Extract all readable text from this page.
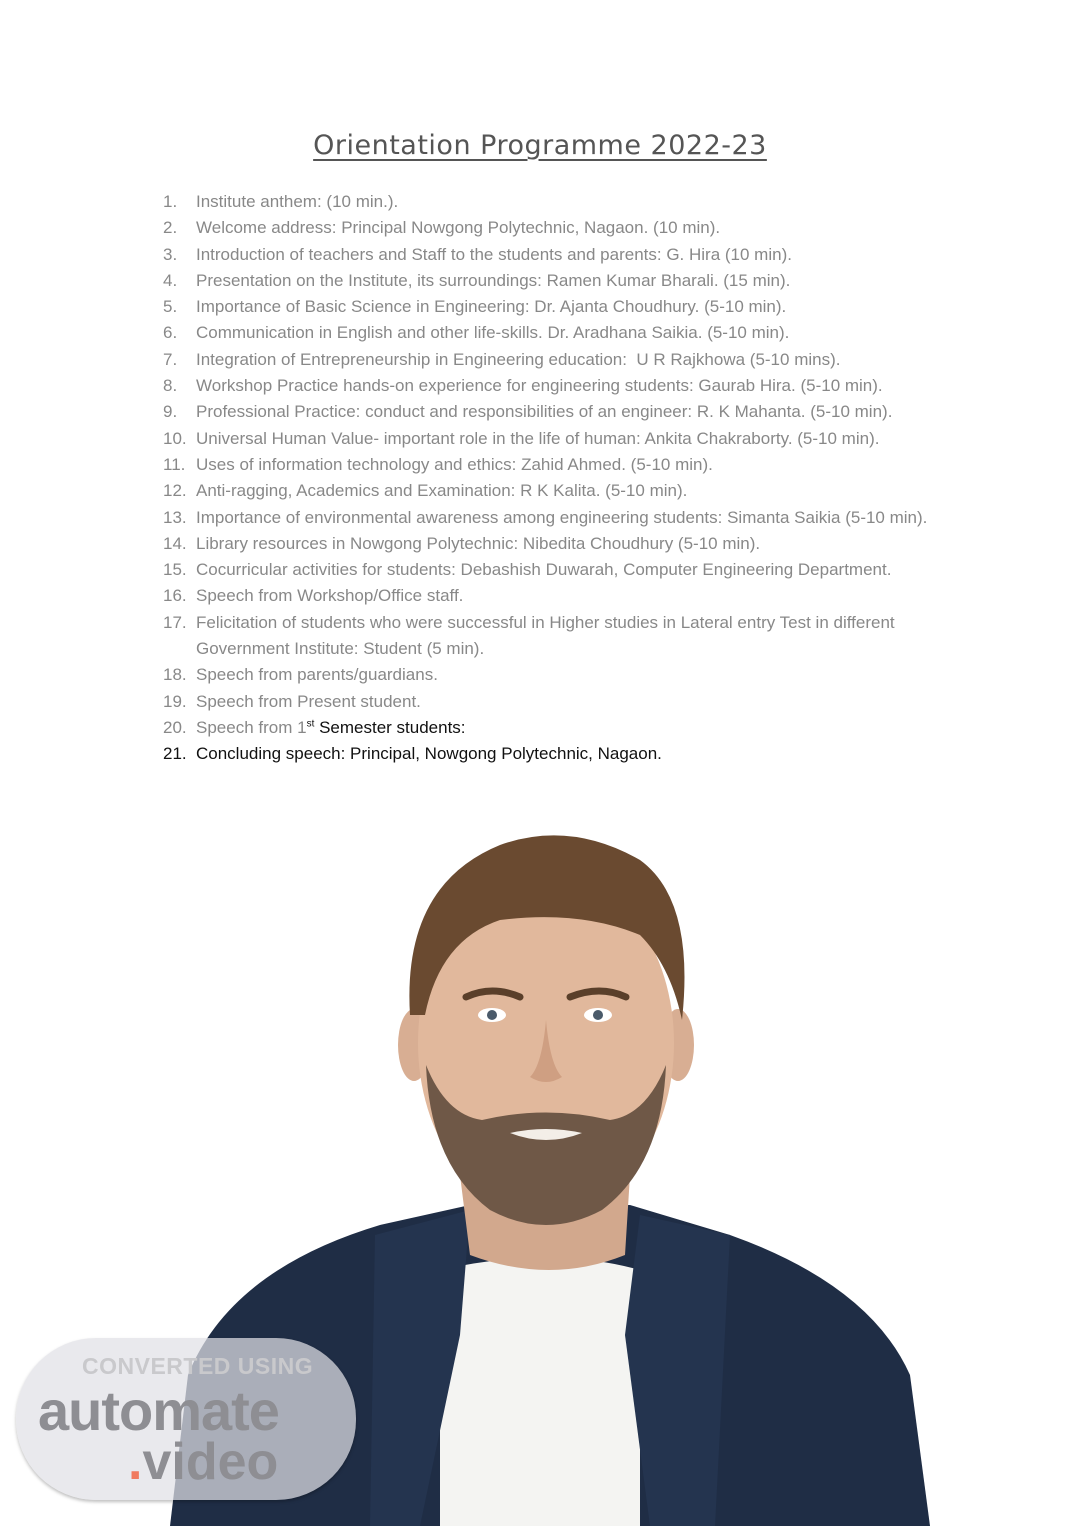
Orientation Programme 2022-23
1. Institute anthem: (10 min.).
2. Welcome address: Principal Nowgong Polytechnic, Nagaon. (10 min).
3. Introduction of teachers and Staff to the students and parents: G. Hira (10 min).
4. Presentation on the Institute, its surroundings: Ramen Kumar Bharali. (15 min).
5. Importance of Basic Science in Engineering: Dr. Ajanta Choudhury. (5-10 min).
6. Communication in English and other life-skills. Dr. Aradhana Saikia. (5-10 min).
7. Integration of Entrepreneurship in Engineering education:  U R Rajkhowa (5-10 mins).
8. Workshop Practice hands-on experience for engineering students: Gaurab Hira. (5-10 min).
9. Professional Practice: conduct and responsibilities of an engineer: R. K Mahanta. (5-10 min).
10. Universal Human Value- important role in the life of human: Ankita Chakraborty. (5-10 min).
11. Uses of information technology and ethics: Zahid Ahmed. (5-10 min).
12. Anti-ragging, Academics and Examination: R K Kalita. (5-10 min).
13. Importance of environmental awareness among engineering students: Simanta Saikia (5-10 min).
14. Library resources in Nowgong Polytechnic: Nibedita Choudhury (5-10 min).
15. Cocurricular activities for students: Debashish Duwarah, Computer Engineering Department.
16. Speech from Workshop/Office staff.
17. Felicitation of students who were successful in Higher studies in Lateral entry Test in different Government Institute: Student (5 min).
18. Speech from parents/guardians.
19. Speech from Present student.
20. Speech from 1st Semester students:
21. Concluding speech: Principal, Nowgong Polytechnic, Nagaon.
CONVERTED USING
automate
.video
